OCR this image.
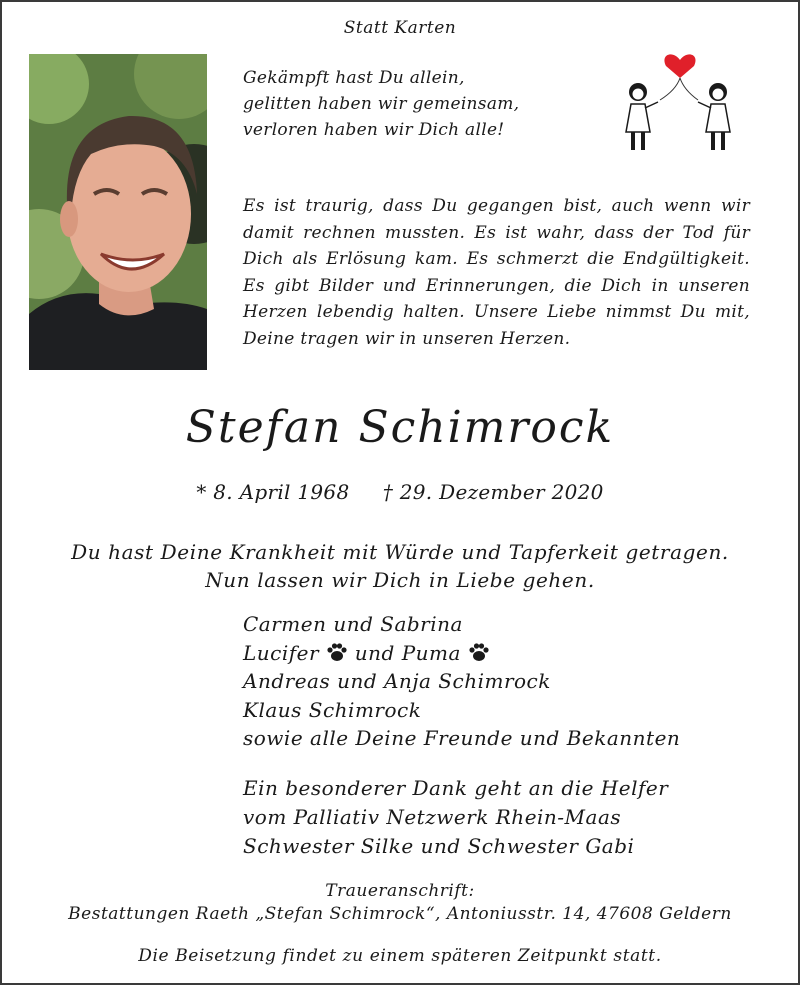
Statt Karten
Gekämpft hast Du allein,
gelitten haben wir gemeinsam,
verloren haben wir Dich alle!
Es ist traurig, dass Du gegangen bist, auch wenn wir damit rechnen mussten. Es ist wahr, dass der Tod für Dich als Erlösung kam. Es schmerzt die Endgültigkeit. Es gibt Bilder und Erinnerungen, die Dich in unseren Herzen lebendig halten. Unsere Liebe nimmst Du mit, Deine tragen wir in unseren Herzen.
Stefan Schimrock
* 8. April 1968 † 29. Dezember 2020
Du hast Deine Krankheit mit Würde und Tapferkeit getragen.
Nun lassen wir Dich in Liebe gehen.
Carmen und Sabrina
Lucifer und Puma
Andreas und Anja Schimrock
Klaus Schimrock
sowie alle Deine Freunde und Bekannten
Ein besonderer Dank geht an die Helfer
vom Palliativ Netzwerk Rhein-Maas
Schwester Silke und Schwester Gabi
Traueranschrift:
Bestattungen Raeth „Stefan Schimrock“, Antoniusstr. 14, 47608 Geldern
Die Beisetzung findet zu einem späteren Zeitpunkt statt.
